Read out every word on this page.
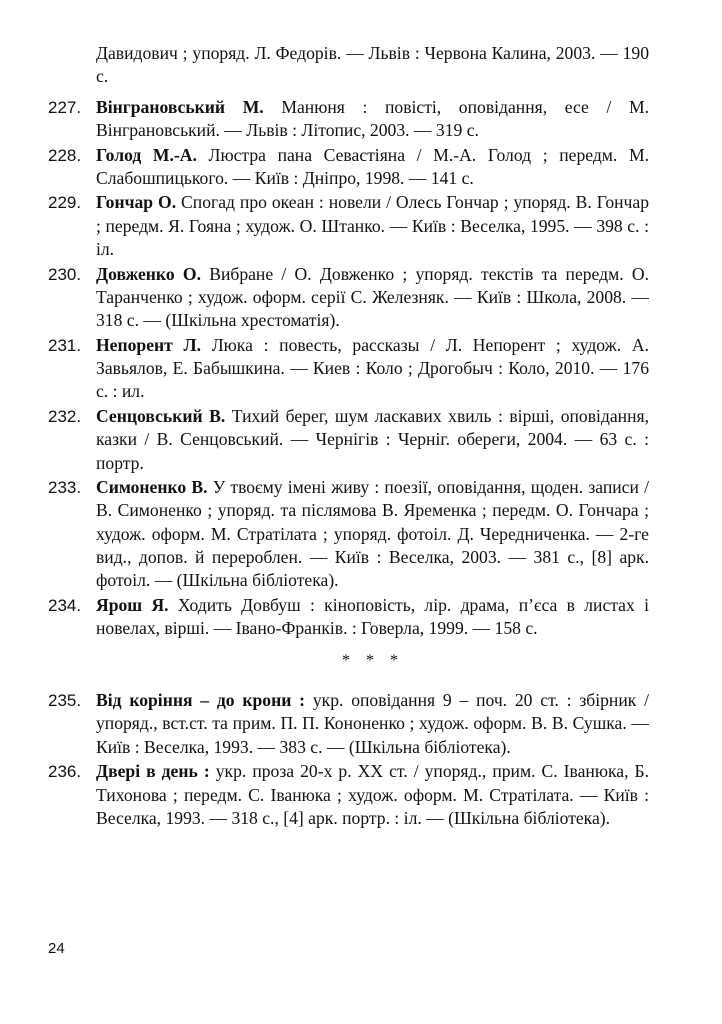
Давидович ; упоряд. Л. Федорів. — Львів : Червона Калина, 2003. — 190 с.
227. Вінграновський М. Манюня : повісті, оповідання, есе / М. Вінграновський. — Львів : Літопис, 2003. — 319 с.
228. Голод М.-А. Люстра пана Севастіяна / М.-А. Голод ; передм. М. Слабошпицького. — Київ : Дніпро, 1998. — 141 с.
229. Гончар О. Спогад про океан : новели / Олесь Гончар ; упоряд. В. Гончар ; передм. Я. Гояна ; худож. О. Штанко. — Київ : Веселка, 1995. — 398 с. : іл.
230. Довженко О. Вибране / О. Довженко ; упоряд. текстів та передм. О. Таранченко ; худож. оформ. серії С. Железняк. — Київ : Школа, 2008. — 318 с. — (Шкільна хрестоматія).
231. Непорент Л. Люка : повесть, рассказы / Л. Непорент ; худож. А. Завьялов, Е. Бабышкина. — Киев : Коло ; Дрогобыч : Коло, 2010. — 176 с. : ил.
232. Сенцовський В. Тихий берег, шум ласкавих хвиль : вірші, оповідання, казки / В. Сенцовський. — Чернігів : Черніг. обереги, 2004. — 63 с. : портр.
233. Симоненко В. У твоєму імені живу : поезії, оповідання, щоден. записи / В. Симоненко ; упоряд. та післямова В. Яременка ; передм. О. Гончара ; худож. оформ. М. Стратілата ; упоряд. фотоіл. Д. Чередниченка. — 2-ге вид., допов. й перероблен. — Київ : Веселка, 2003. — 381 с., [8] арк. фотоіл. — (Шкільна бібліотека).
234. Ярош Я. Ходить Довбуш : кіноповість, лір. драма, п’єса в листах і новелах, вірші. — Івано-Франків. : Говерла, 1999. — 158 с.
* * *
235. Від коріння – до крони : укр. оповідання 9 – поч. 20 ст. : збірник / упоряд., вст.ст. та прим. П. П. Кононенко ; худож. оформ. В. В. Сушка. — Київ : Веселка, 1993. — 383 с. — (Шкільна бібліотека).
236. Двері в день : укр. проза 20-х р. XX ст. / упоряд., прим. С. Іванюка, Б. Тихонова ; передм. С. Іванюка ; худож. оформ. М. Стратілата. — Київ : Веселка, 1993. — 318 с., [4] арк. портр. : іл. — (Шкільна бібліотека).
24
